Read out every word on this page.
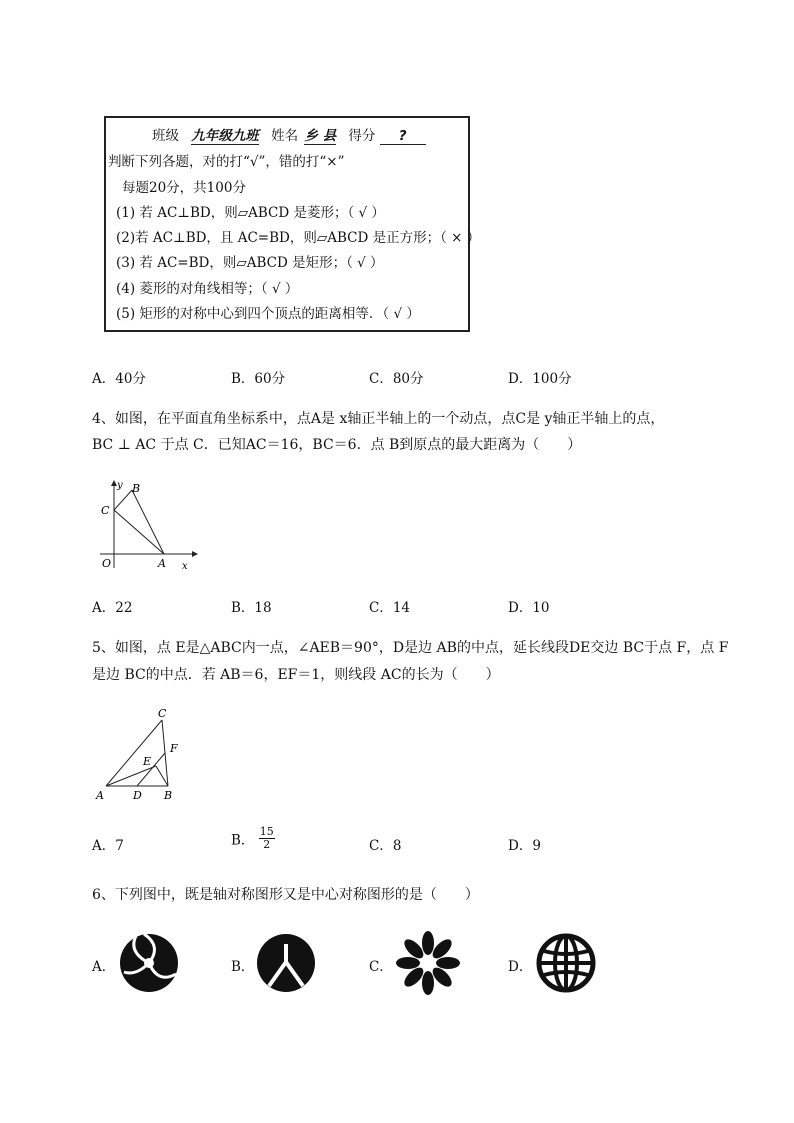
班级 九年级九班 姓名 乡 县 得分 ?
判断下列各题，对的打“√”，错的打“×”
每题20分，共100分
(1) 若 AC⊥BD，则▱ABCD 是菱形；（ √ ）
(2)若 AC⊥BD，且 AC=BD，则▱ABCD 是正方形；（ × ）
(3) 若 AC=BD，则▱ABCD 是矩形；（ √ ）
(4) 菱形的对角线相等；（ √ ）
(5) 矩形的对称中心到四个顶点的距离相等．（ √ ）
A．40分	B．60分	C．80分	D．100分
4、如图，在平面直角坐标系中，点A是 x轴正半轴上的一个动点，点C是 y轴正半轴上的点，
BC ⊥ AC 于点 C．已知AC＝16，BC＝6．点 B到原点的最大距离为（　　）
y B
C
O	A x
A．22	B．18	C．14	D．10
5、如图，点 E是△ABC内一点，∠AEB＝90°，D是边 AB的中点，延长线段DE交边 BC于点 F，点 F
是边 BC的中点．若 AB＝6，EF＝1，则线段 AC的长为（　　）
C
F
E
A	D B
A．7	B． $\frac{15}{2}$	C．8	D．9
6、下列图中，既是轴对称图形又是中心对称图形的是（　　）
A．	B．	C．	D．
